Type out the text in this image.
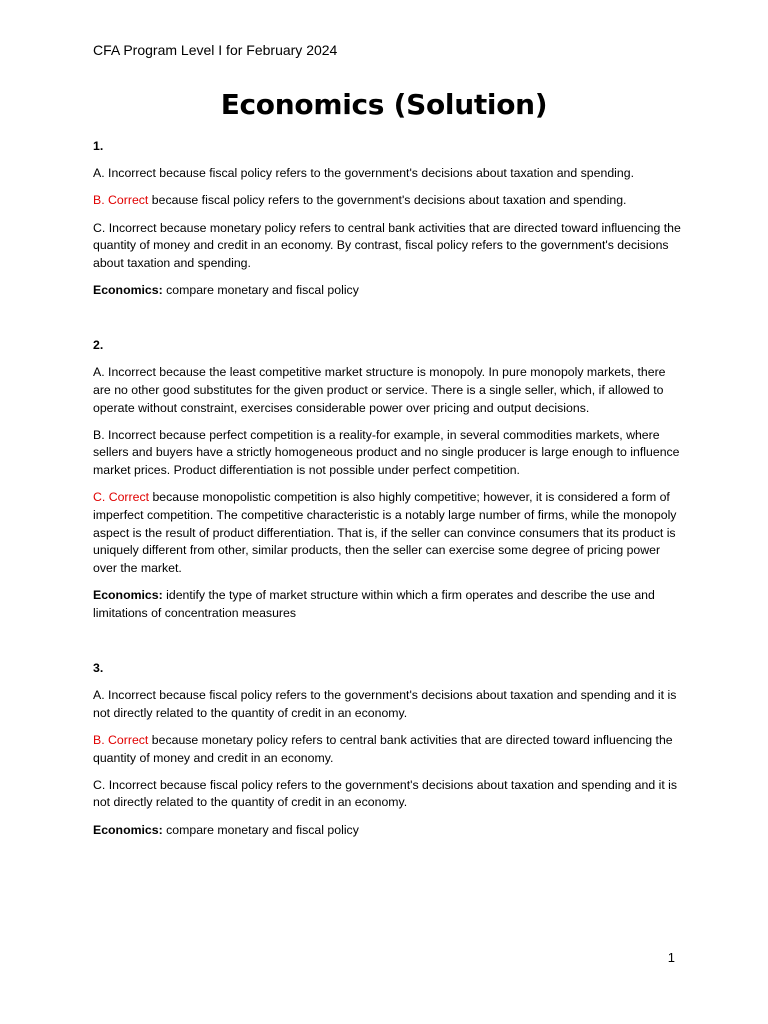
CFA Program Level I for February 2024
Economics (Solution)
1.
A. Incorrect because fiscal policy refers to the government's decisions about taxation and spending.
B. Correct because fiscal policy refers to the government's decisions about taxation and spending.
C. Incorrect because monetary policy refers to central bank activities that are directed toward influencing the quantity of money and credit in an economy. By contrast, fiscal policy refers to the government's decisions about taxation and spending.
Economics: compare monetary and fiscal policy
2.
A. Incorrect because the least competitive market structure is monopoly. In pure monopoly markets, there are no other good substitutes for the given product or service. There is a single seller, which, if allowed to operate without constraint, exercises considerable power over pricing and output decisions.
B. Incorrect because perfect competition is a reality-for example, in several commodities markets, where sellers and buyers have a strictly homogeneous product and no single producer is large enough to influence market prices. Product differentiation is not possible under perfect competition.
C. Correct because monopolistic competition is also highly competitive; however, it is considered a form of imperfect competition. The competitive characteristic is a notably large number of firms, while the monopoly aspect is the result of product differentiation. That is, if the seller can convince consumers that its product is uniquely different from other, similar products, then the seller can exercise some degree of pricing power over the market.
Economics: identify the type of market structure within which a firm operates and describe the use and limitations of concentration measures
3.
A. Incorrect because fiscal policy refers to the government's decisions about taxation and spending and it is not directly related to the quantity of credit in an economy.
B. Correct because monetary policy refers to central bank activities that are directed toward influencing the quantity of money and credit in an economy.
C. Incorrect because fiscal policy refers to the government's decisions about taxation and spending and it is not directly related to the quantity of credit in an economy.
Economics: compare monetary and fiscal policy
1
